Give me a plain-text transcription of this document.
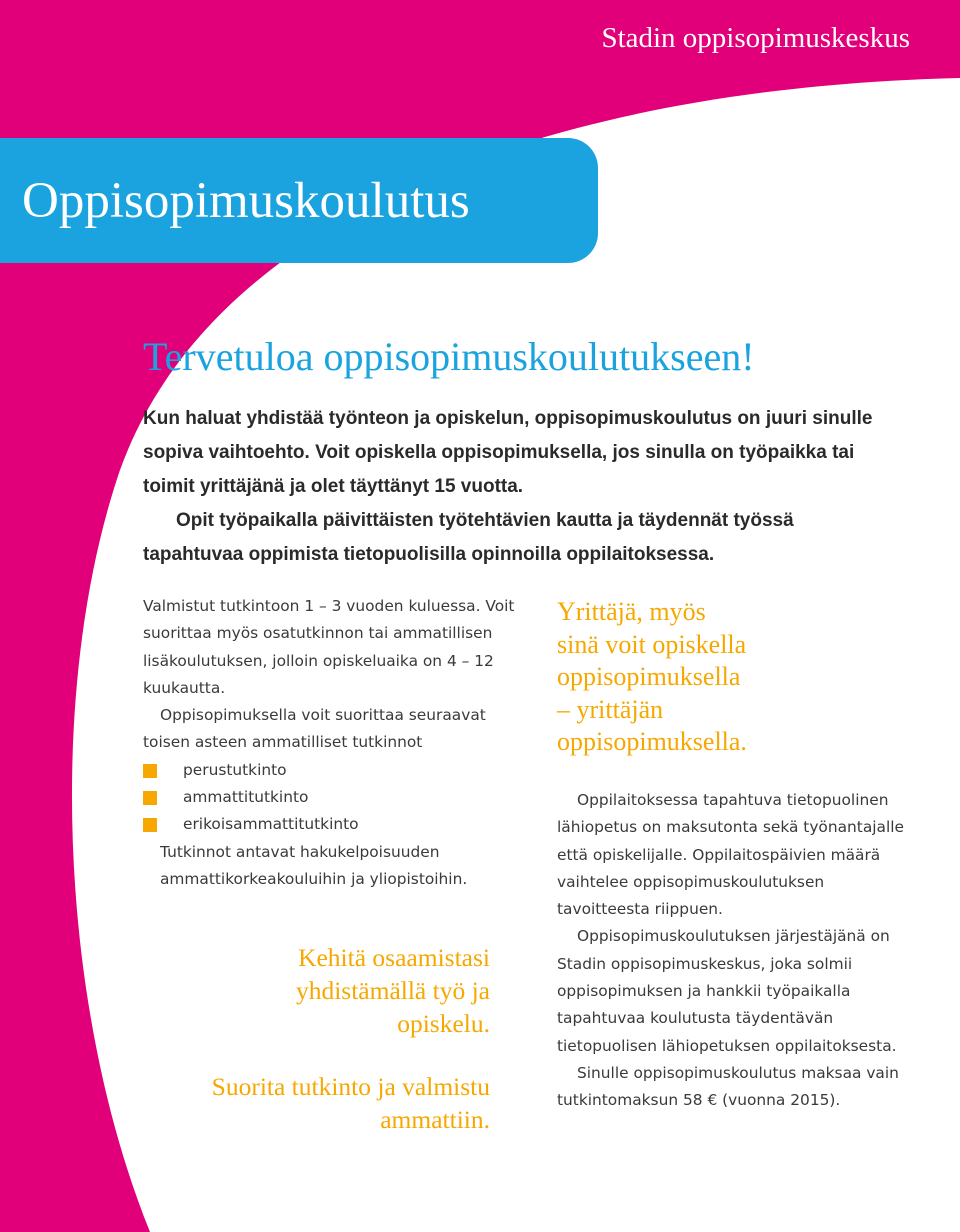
Stadin oppisopimuskeskus
Oppisopimuskoulutus
Tervetuloa oppisopimuskoulutukseen!

Kun haluat yhdistää työnteon ja opiskelun, oppisopimuskoulutus on juuri sinulle sopiva vaihtoehto. Voit opiskella oppisopimuksella, jos sinulla on työpaikka tai toimit yrittäjänä ja olet täyttänyt 15 vuotta.

Opit työpaikalla päivittäisten työtehtävien kautta ja täydennät työssä tapahtuvaa oppimista tietopuolisilla opinnoilla oppilaitoksessa.

Valmistut tutkintoon 1 – 3 vuoden kuluessa. Voit suorittaa myös osatutkinnon tai ammatillisen lisäkoulutuksen, jolloin opiskeluaika on 4 – 12 kuukautta.

Oppisopimuksella voit suorittaa seuraavat toisen asteen ammatilliset tutkinnot

perustutkinto
ammattitutkinto
erikoisammattitutkinto

Tutkinnot antavat hakukelpoisuuden ammattikorkeakouluihin ja yliopistoihin.

Kehitä osaamistasi yhdistämällä työ ja opiskelu.
Suorita tutkinto ja valmistu ammattiin.
Yrittäjä, myös
sinä voit opiskella
oppisopimuksella
– yrittäjän
oppisopimuksella.

Oppilaitoksessa tapahtuva tietopuolinen lähiopetus on maksutonta sekä työnantajalle että opiskelijalle. Oppilaitospäivien määrä vaihtelee oppisopimuskoulutuksen tavoitteesta riippuen.

Oppisopimuskoulutuksen järjestäjänä on Stadin oppisopimuskeskus, joka solmii oppisopimuksen ja hankkii työpaikalla tapahtuvaa koulutusta täydentävän tietopuolisen lähiopetuksen oppilaitoksesta.

Sinulle oppisopimuskoulutus maksaa vain tutkintomaksun 58 € (vuonna 2015).
